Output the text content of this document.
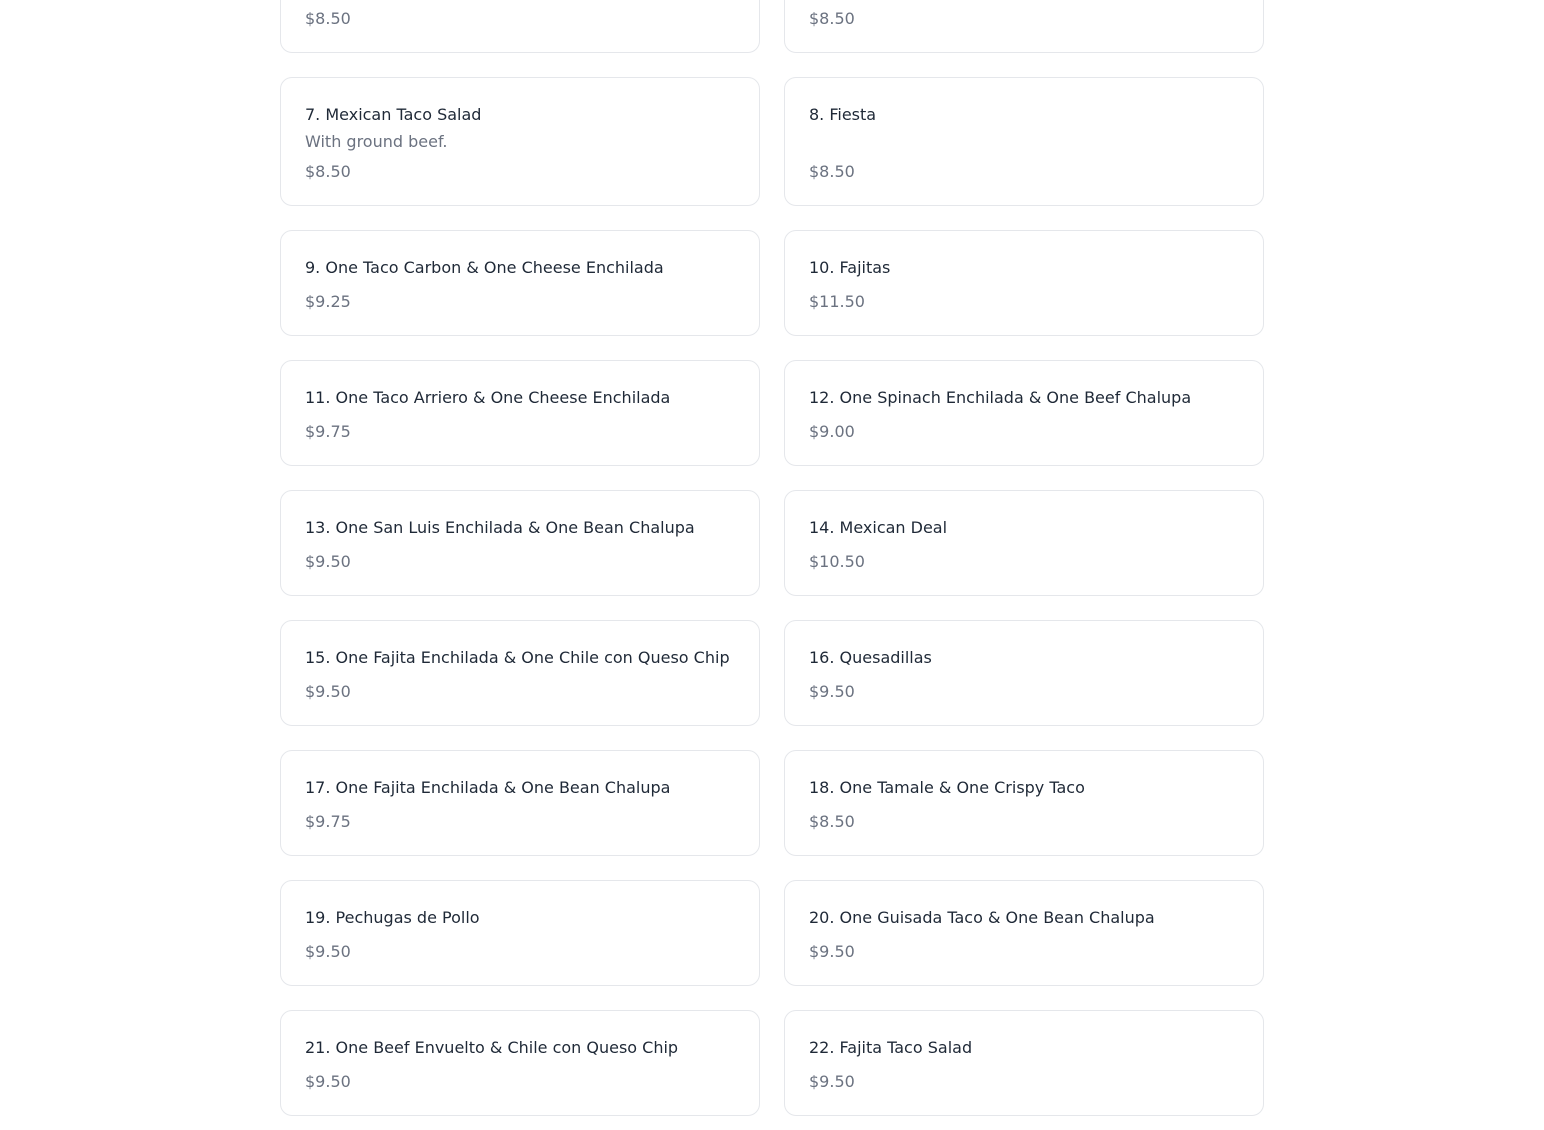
$8.50	$8.50
7. Mexican Taco Salad
With ground beef.
$8.50
8. Fiesta
$8.50
9. One Taco Carbon & One Cheese Enchilada
$9.25
10. Fajitas
$11.50
11. One Taco Arriero & One Cheese Enchilada
$9.75
12. One Spinach Enchilada & One Beef Chalupa
$9.00
13. One San Luis Enchilada & One Bean Chalupa
$9.50
14. Mexican Deal
$10.50
15. One Fajita Enchilada & One Chile con Queso Chip
$9.50
16. Quesadillas
$9.50
17. One Fajita Enchilada & One Bean Chalupa
$9.75
18. One Tamale & One Crispy Taco
$8.50
19. Pechugas de Pollo
$9.50
20. One Guisada Taco & One Bean Chalupa
$9.50
21. One Beef Envuelto & Chile con Queso Chip
$9.50
22. Fajita Taco Salad
$9.50
